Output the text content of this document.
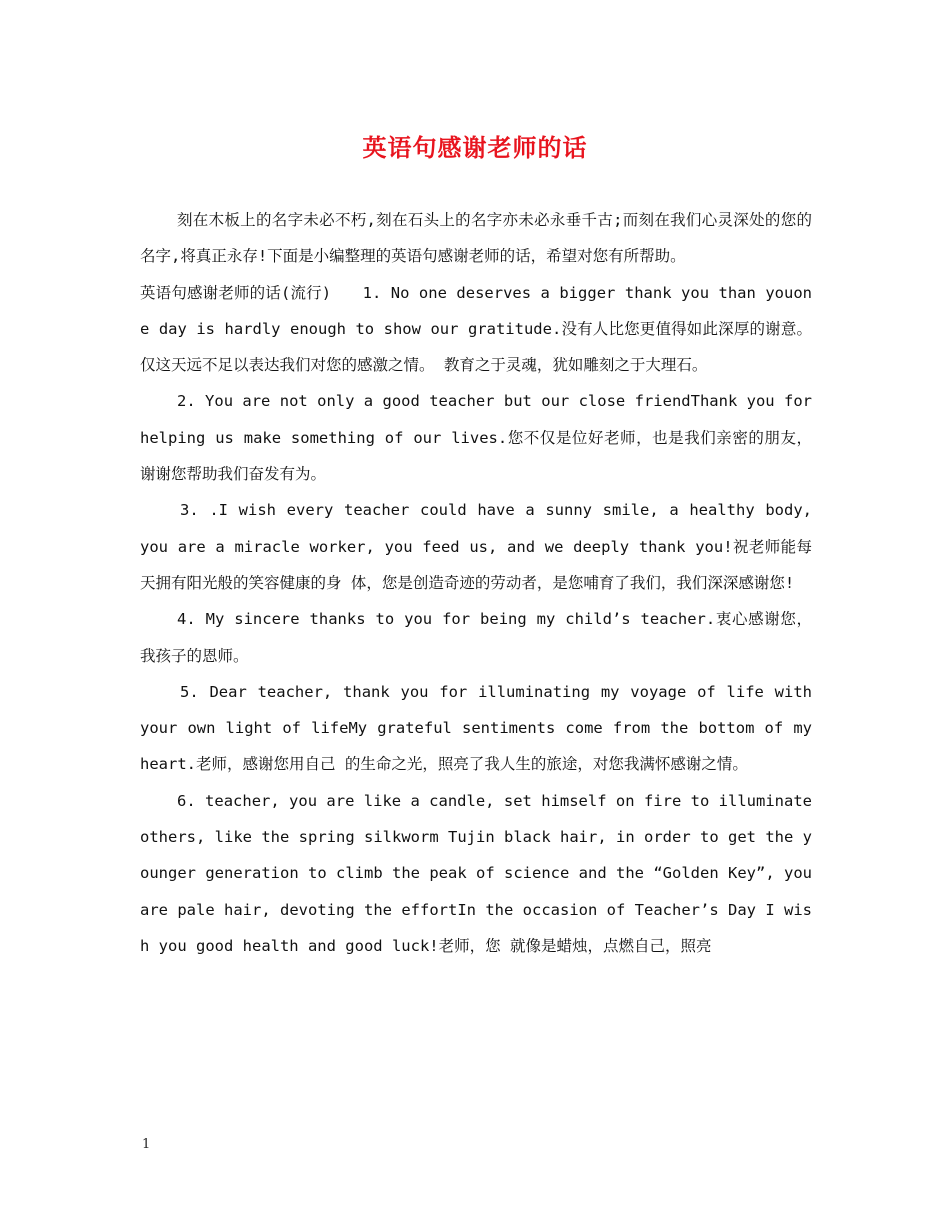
英语句感谢老师的话

刻在木板上的名字未必不朽,刻在石头上的名字亦未必永垂千古;而刻在我们心灵深处的您的名字,将真正永存!下面是小编整理的英语句感谢老师的话，希望对您有所帮助。

英语句感谢老师的话(流行)　　1. No one deserves a bigger thank you than youone day is hardly enough to show our gratitude.没有人比您更值得如此深厚的谢意。仅这天远不足以表达我们对您的感激之情。 教育之于灵魂，犹如雕刻之于大理石。

2. You are not only a good teacher but our close friendThank you for helping us make something of our lives.您不仅是位好老师，也是我们亲密的朋友，谢谢您帮助我们奋发有为。

3. .I wish every teacher could have a sunny smile, a healthy body, you are a miracle worker, you feed us, and we deeply thank you!祝老师能每天拥有阳光般的笑容健康的身 体，您是创造奇迹的劳动者，是您哺育了我们，我们深深感谢您!

4. My sincere thanks to you for being my child’s teacher.衷心感谢您，我孩子的恩师。

5. Dear teacher, thank you for illuminating my voyage of life with your own light of lifeMy grateful sentiments come from the bottom of my heart.老师，感谢您用自己 的生命之光，照亮了我人生的旅途，对您我满怀感谢之情。

6. teacher, you are like a candle, set himself on fire to illuminate others, like the spring silkworm Tujin black hair, in order to get the younger generation to climb the peak of science and the “Golden Key”, you are pale hair, devoting the effortIn the occasion of Teacher’s Day I wish you good health and good luck!老师，您 就像是蜡烛，点燃自己，照亮

1
